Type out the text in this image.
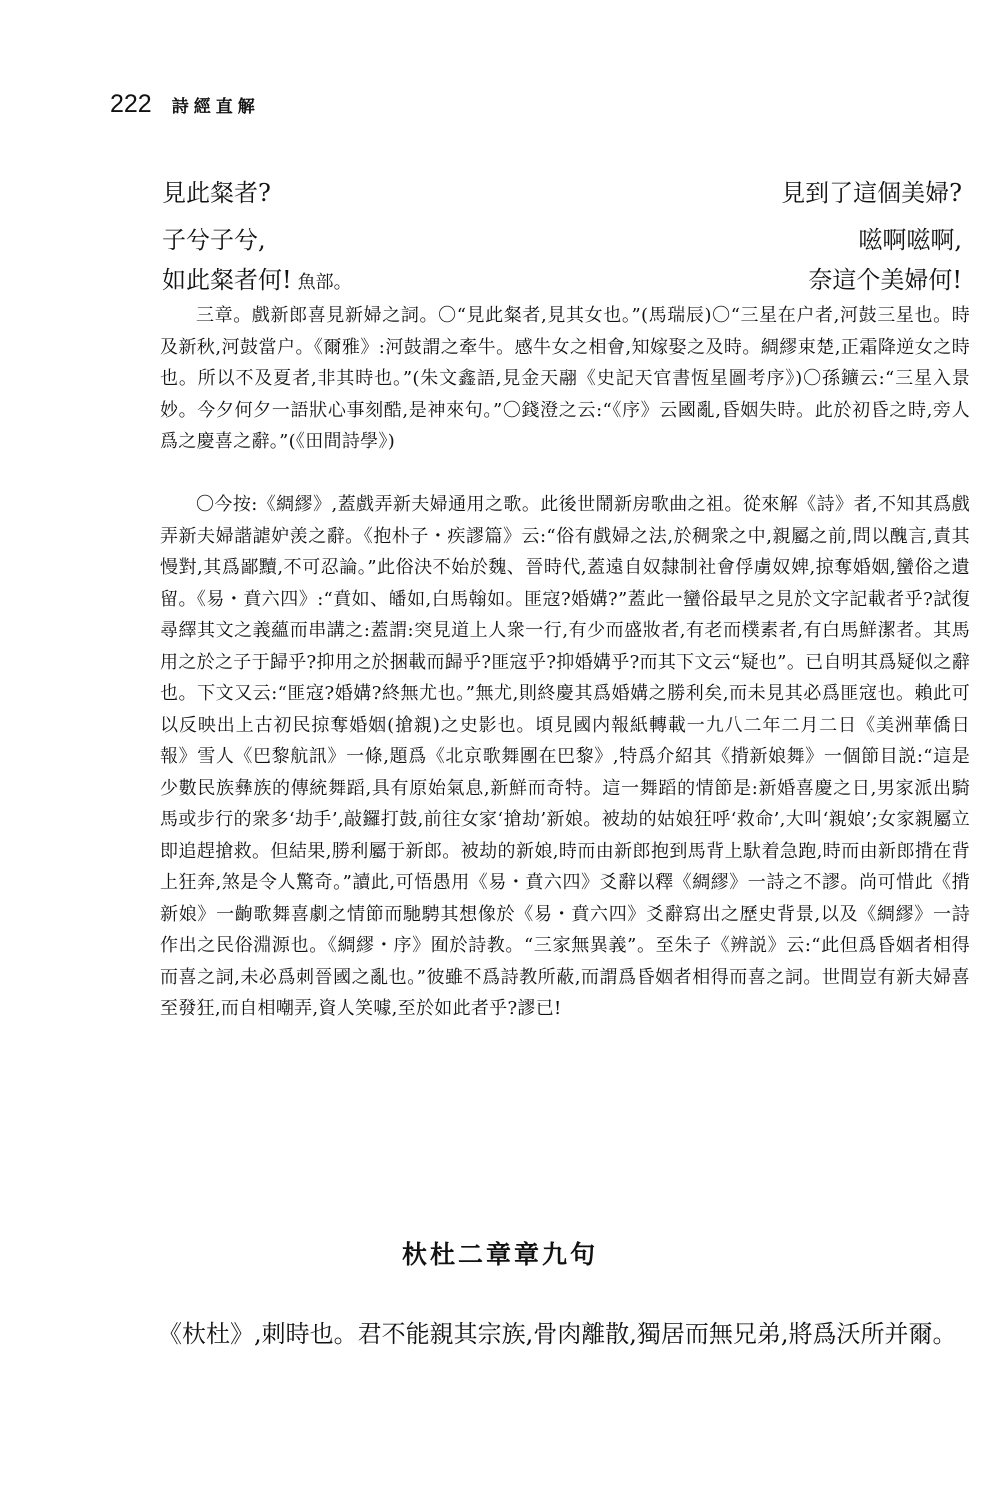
222 詩經直解
見此粲者?	見到了這個美婦?
子兮子兮,	嗞啊嗞啊,
如此粲者何! 魚部。	奈這个美婦何!

三章。戲新郎喜見新婦之詞。〇“見此粲者,見其女也。”(馬瑞辰)〇“三星在户者,河鼓三星也。時及新秋,河鼓當户。《爾雅》:河鼓謂之牽牛。感牛女之相會,知嫁娶之及時。綢繆束楚,正霜降逆女之時也。所以不及夏者,非其時也。”(朱文鑫語,見金天翮《史記天官書恆星圖考序》)〇孫鑛云:“三星入景妙。今夕何夕一語狀心事刻酷,是神來句。”〇錢澄之云:“《序》云國亂,昏姻失時。此於初昏之時,旁人爲之慶喜之辭。”(《田間詩學》)

〇今按:《綢繆》,蓋戲弄新夫婦通用之歌。此後世鬧新房歌曲之祖。從來解《詩》者,不知其爲戲弄新夫婦諧謔妒羡之辭。《抱朴子・疾謬篇》云:“俗有戲婦之法,於稠衆之中,親屬之前,問以醜言,責其慢對,其爲鄙黷,不可忍論。”此俗決不始於魏、晉時代,蓋遠自奴隸制社會俘虜奴婢,掠奪婚姻,蠻俗之遺留。《易・賁六四》:“賁如、皤如,白馬翰如。匪寇?婚媾?”蓋此一蠻俗最早之見於文字記載者乎?試復尋繹其文之義蘊而串講之:蓋謂:突見道上人衆一行,有少而盛妝者,有老而樸素者,有白馬鮮潔者。其馬用之於之子于歸乎?抑用之於捆載而歸乎?匪寇乎?抑婚媾乎?而其下文云“疑也”。已自明其爲疑似之辭也。下文又云:“匪寇?婚媾?終無尤也。”無尤,則終慶其爲婚媾之勝利矣,而未見其必爲匪寇也。賴此可以反映出上古初民掠奪婚姻(搶親)之史影也。頃見國内報紙轉載一九八二年二月二日《美洲華僑日報》雪人《巴黎航訊》一條,題爲《北京歌舞團在巴黎》,特爲介紹其《揹新娘舞》一個節目説:“這是少數民族彝族的傳統舞蹈,具有原始氣息,新鮮而奇特。這一舞蹈的情節是:新婚喜慶之日,男家派出騎馬或步行的衆多‘劫手’,敲鑼打鼓,前往女家‘搶劫’新娘。被劫的姑娘狂呼‘救命’,大叫‘親娘’;女家親屬立即追趕搶救。但結果,勝利屬于新郎。被劫的新娘,時而由新郎抱到馬背上馱着急跑,時而由新郎揹在背上狂奔,煞是令人驚奇。”讀此,可悟愚用《易・賁六四》爻辭以釋《綢繆》一詩之不謬。尚可惜此《揹新娘》一齣歌舞喜劇之情節而馳騁其想像於《易・賁六四》爻辭寫出之歷史背景,以及《綢繆》一詩作出之民俗淵源也。《綢繆・序》囿於詩教。“三家無異義”。至朱子《辨説》云:“此但爲昏姻者相得而喜之詞,未必爲刺晉國之亂也。”彼雖不爲詩教所蔽,而謂爲昏姻者相得而喜之詞。世間豈有新夫婦喜至發狂,而自相嘲弄,資人笑噱,至於如此者乎?謬已!

杕杜二章章九句

《杕杜》,刺時也。君不能親其宗族,骨肉離散,獨居而無兄弟,將爲沃所并爾。
